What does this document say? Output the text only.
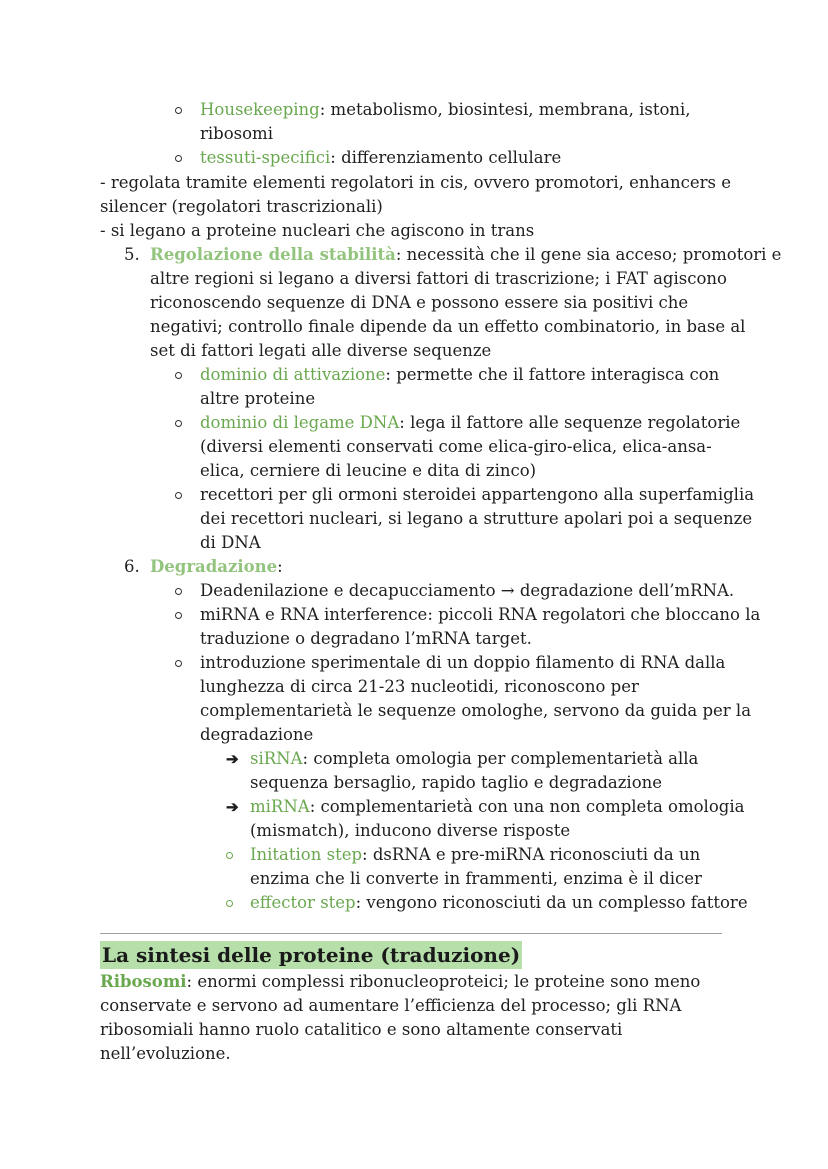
Housekeeping: metabolismo, biosintesi, membrana, istoni,
ribosomi
tessuti-specifici: differenziamento cellulare
- regolata tramite elementi regolatori in cis, ovvero promotori, enhancers e
silencer (regolatori trascrizionali)
- si legano a proteine nucleari che agiscono in trans
5. Regolazione della stabilità: necessità che il gene sia acceso; promotori e
altre regioni si legano a diversi fattori di trascrizione; i FAT agiscono
riconoscendo sequenze di DNA e possono essere sia positivi che
negativi; controllo finale dipende da un effetto combinatorio, in base al
set di fattori legati alle diverse sequenze
dominio di attivazione: permette che il fattore interagisca con
altre proteine
dominio di legame DNA: lega il fattore alle sequenze regolatorie
(diversi elementi conservati come elica-giro-elica, elica-ansa-
elica, cerniere di leucine e dita di zinco)
recettori per gli ormoni steroidei appartengono alla superfamiglia
dei recettori nucleari, si legano a strutture apolari poi a sequenze
di DNA
6. Degradazione:
Deadenilazione e decapucciamento → degradazione dell’mRNA.
miRNA e RNA interference: piccoli RNA regolatori che bloccano la
traduzione o degradano l’mRNA target.
introduzione sperimentale di un doppio filamento di RNA dalla
lunghezza di circa 21-23 nucleotidi, riconoscono per
complementarietà le sequenze omologhe, servono da guida per la
degradazione
➔ siRNA: completa omologia per complementarietà alla
sequenza bersaglio, rapido taglio e degradazione
➔ miRNA: complementarietà con una non completa omologia
(mismatch), inducono diverse risposte
Initation step: dsRNA e pre-miRNA riconosciuti da un
enzima che li converte in frammenti, enzima è il dicer
effector step: vengono riconosciuti da un complesso fattore
La sintesi delle proteine (traduzione)
Ribosomi: enormi complessi ribonucleoproteici; le proteine sono meno
conservate e servono ad aumentare l’efficienza del processo; gli RNA
ribosomiali hanno ruolo catalitico e sono altamente conservati
nell’evoluzione.
